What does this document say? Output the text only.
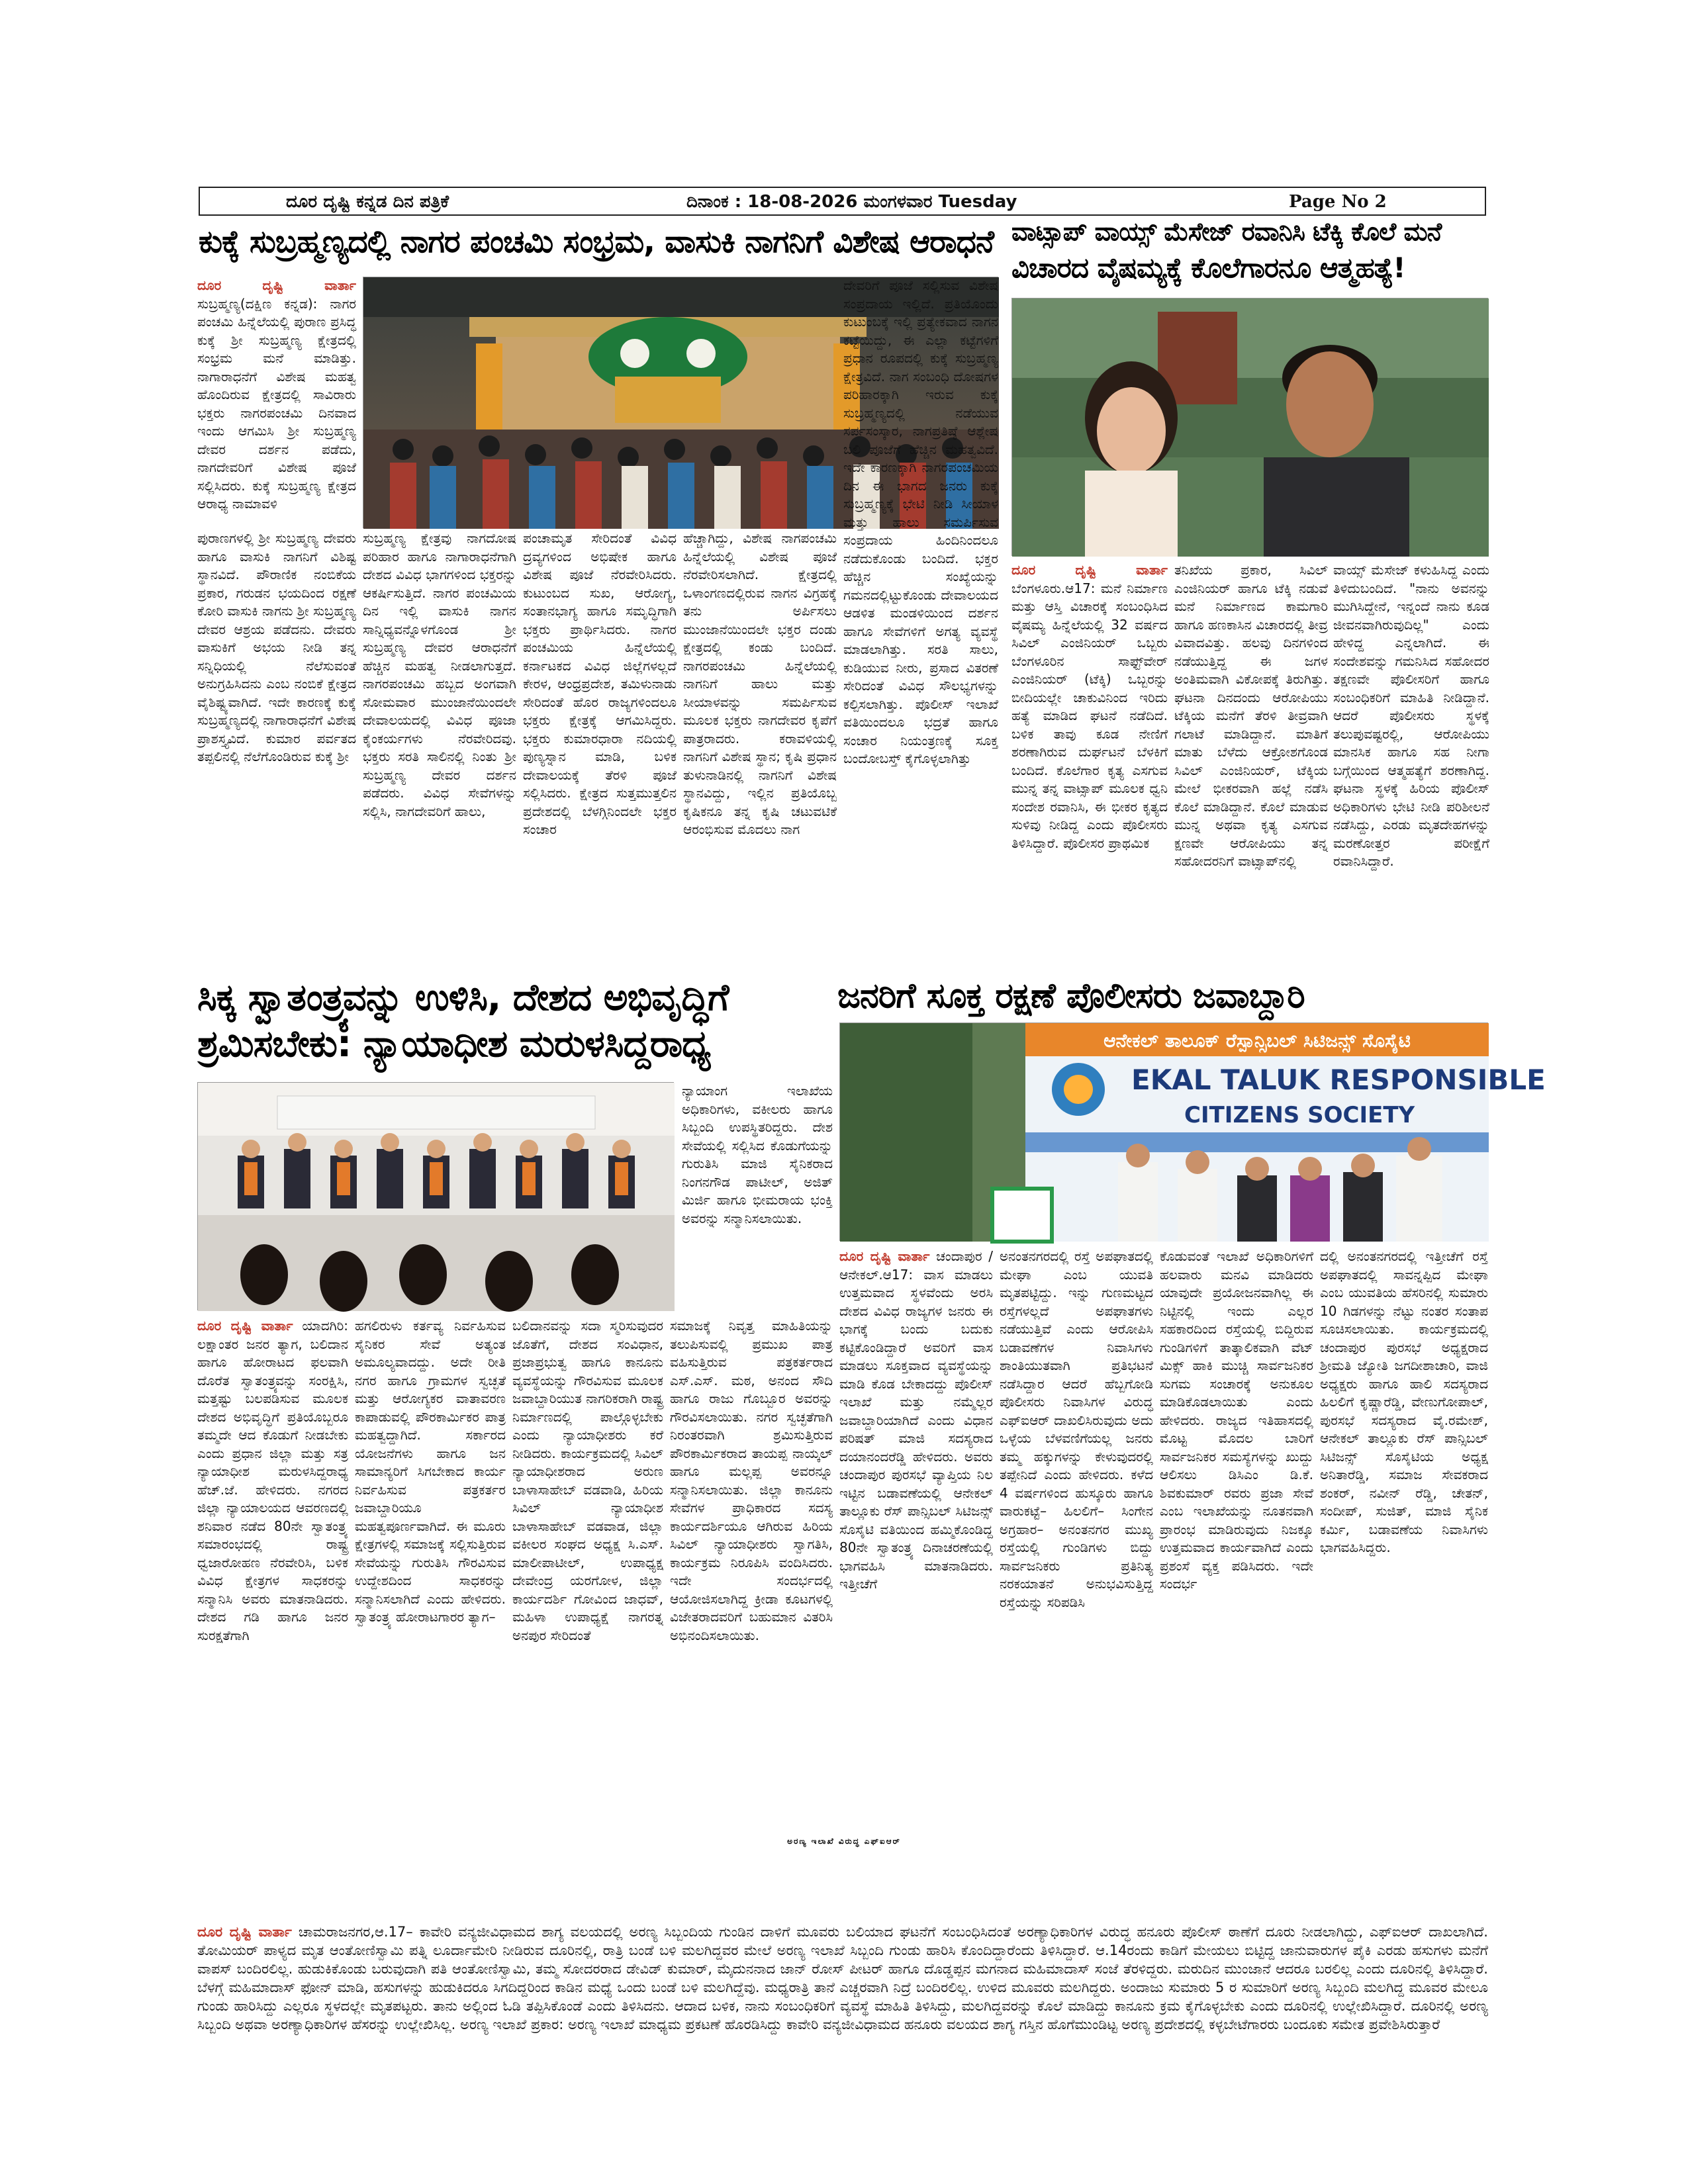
ದೂರ ದೃಷ್ಟಿ ಕನ್ನಡ ದಿನ ಪತ್ರಿಕೆ	ದಿನಾಂಕ : 18-08-2026 ಮಂಗಳವಾರ Tuesday	Page No 2
ಕುಕ್ಕೆ ಸುಬ್ರಹ್ಮಣ್ಯದಲ್ಲಿ ನಾಗರ ಪಂಚಮಿ ಸಂಭ್ರಮ, ವಾಸುಕಿ ನಾಗನಿಗೆ ವಿಶೇಷ ಆರಾಧನೆ

ದೂರ ದೃಷ್ಟಿ ವಾರ್ತಾ ಸುಬ್ರಹ್ಮಣ್ಯ(ದಕ್ಷಿಣ ಕನ್ನಡ): ನಾಗರ ಪಂಚಮಿ ಹಿನ್ನೆಲೆಯಲ್ಲಿ ಪುರಾಣ ಪ್ರಸಿದ್ಧ ಕುಕ್ಕೆ ಶ್ರೀ ಸುಬ್ರಹ್ಮಣ್ಯ ಕ್ಷೇತ್ರದಲ್ಲಿ ಸಂಭ್ರಮ ಮನೆ ಮಾಡಿತ್ತು. ನಾಗಾರಾಧನೆಗೆ ವಿಶೇಷ ಮಹತ್ವ ಹೊಂದಿರುವ ಕ್ಷೇತ್ರದಲ್ಲಿ ಸಾವಿರಾರು ಭಕ್ತರು ನಾಗರಪಂಚಮಿ ದಿನವಾದ ಇಂದು ಆಗಮಿಸಿ ಶ್ರೀ ಸುಬ್ರಹ್ಮಣ್ಯ ದೇವರ ದರ್ಶನ ಪಡೆದು, ನಾಗದೇವರಿಗೆ ವಿಶೇಷ ಪೂಜೆ ಸಲ್ಲಿಸಿದರು. ಕುಕ್ಕೆ ಸುಬ್ರಹ್ಮಣ್ಯ ಕ್ಷೇತ್ರದ ಆರಾಧ್ಯ ನಾಮಾವಳಿ

ಪುರಾಣಗಳಲ್ಲಿ ಶ್ರೀ ಸುಬ್ರಹ್ಮಣ್ಯ ದೇವರು ಹಾಗೂ ವಾಸುಕಿ ನಾಗನಿಗೆ ವಿಶಿಷ್ಟ ಸ್ಥಾನವಿದೆ. ಪೌರಾಣಿಕ ನಂಬಿಕೆಯ ಪ್ರಕಾರ, ಗರುಡನ ಭಯದಿಂದ ರಕ್ಷಣೆ ಕೋರಿ ವಾಸುಕಿ ನಾಗನು ಶ್ರೀ ಸುಬ್ರಹ್ಮಣ್ಯ ದೇವರ ಆಶ್ರಯ ಪಡೆದನು. ದೇವರು ವಾಸುಕಿಗೆ ಅಭಯ ನೀಡಿ ತನ್ನ ಸನ್ನಿಧಿಯಲ್ಲಿ ನೆಲೆಸುವಂತೆ ಅನುಗ್ರಹಿಸಿದನು ಎಂಬ ನಂಬಿಕೆ ಕ್ಷೇತ್ರದ ವೈಶಿಷ್ಟ್ಯವಾಗಿದೆ. ಇದೇ ಕಾರಣಕ್ಕೆ ಕುಕ್ಕೆ ಸುಬ್ರಹ್ಮಣ್ಯದಲ್ಲಿ ನಾಗಾರಾಧನೆಗೆ ವಿಶೇಷ ಪ್ರಾಶಸ್ತ್ಯವಿದೆ. ಕುಮಾರ ಪರ್ವತದ ತಪ್ಪಲಿನಲ್ಲಿ ನೆಲೆಗೊಂಡಿರುವ ಕುಕ್ಕೆ ಶ್ರೀ

ಸುಬ್ರಹ್ಮಣ್ಯ ಕ್ಷೇತ್ರವು ನಾಗದೋಷ ಪರಿಹಾರ ಹಾಗೂ ನಾಗಾರಾಧನೆಗಾಗಿ ದೇಶದ ವಿವಿಧ ಭಾಗಗಳಿಂದ ಭಕ್ತರನ್ನು ಆಕರ್ಷಿಸುತ್ತಿದೆ. ನಾಗರ ಪಂಚಮಿಯ ದಿನ ಇಲ್ಲಿ ವಾಸುಕಿ ನಾಗನ ಸಾನ್ನಿಧ್ಯವನ್ನೊಳಗೊಂಡ ಶ್ರೀ ಸುಬ್ರಹ್ಮಣ್ಯ ದೇವರ ಆರಾಧನೆಗೆ ಹೆಚ್ಚಿನ ಮಹತ್ವ ನೀಡಲಾಗುತ್ತದೆ. ನಾಗರಪಂಚಮಿ ಹಬ್ಬದ ಅಂಗವಾಗಿ ಸೋಮವಾರ ಮುಂಜಾನೆಯಿಂದಲೇ ದೇವಾಲಯದಲ್ಲಿ ವಿವಿಧ ಪೂಜಾ ಕೈಂಕರ್ಯಗಳು ನೆರವೇರಿದವು. ಭಕ್ತರು ಸರತಿ ಸಾಲಿನಲ್ಲಿ ನಿಂತು ಶ್ರೀ ಸುಬ್ರಹ್ಮಣ್ಯ ದೇವರ ದರ್ಶನ ಪಡೆದರು. ವಿವಿಧ ಸೇವೆಗಳನ್ನು ಸಲ್ಲಿಸಿ, ನಾಗದೇವರಿಗೆ ಹಾಲು,

ಪಂಚಾಮೃತ ಸೇರಿದಂತೆ ವಿವಿಧ ದ್ರವ್ಯಗಳಿಂದ ಅಭಿಷೇಕ ಹಾಗೂ ವಿಶೇಷ ಪೂಜೆ ನೆರವೇರಿಸಿದರು. ಕುಟುಂಬದ ಸುಖ, ಆರೋಗ್ಯ, ಸಂತಾನಭಾಗ್ಯ ಹಾಗೂ ಸಮೃದ್ಧಿಗಾಗಿ ಭಕ್ತರು ಪ್ರಾರ್ಥಿಸಿದರು. ನಾಗರ ಪಂಚಮಿಯ ಹಿನ್ನೆಲೆಯಲ್ಲಿ ಕರ್ನಾಟಕದ ವಿವಿಧ ಜಿಲ್ಲೆಗಳಲ್ಲದೆ ಕೇರಳ, ಆಂಧ್ರಪ್ರದೇಶ, ತಮಿಳುನಾಡು ಸೇರಿದಂತೆ ಹೊರ ರಾಜ್ಯಗಳಿಂದಲೂ ಭಕ್ತರು ಕ್ಷೇತ್ರಕ್ಕೆ ಆಗಮಿಸಿದ್ದರು. ಭಕ್ತರು ಕುಮಾರಧಾರಾ ನದಿಯಲ್ಲಿ ಪುಣ್ಯಸ್ನಾನ ಮಾಡಿ, ಬಳಿಕ ದೇವಾಲಯಕ್ಕೆ ತೆರಳಿ ಪೂಜೆ ಸಲ್ಲಿಸಿದರು. ಕ್ಷೇತ್ರದ ಸುತ್ತಮುತ್ತಲಿನ ಪ್ರದೇಶದಲ್ಲಿ ಬೆಳಗ್ಗಿನಿಂದಲೇ ಭಕ್ತರ ಸಂಚಾರ

ಹೆಚ್ಚಾಗಿದ್ದು, ವಿಶೇಷ ನಾಗಪಂಚಮಿ ಹಿನ್ನೆಲೆಯಲ್ಲಿ ವಿಶೇಷ ಪೂಜೆ ನೆರವೇರಿಸಲಾಗಿದೆ. ಕ್ಷೇತ್ರದಲ್ಲಿ ಒಳಾಂಗಣದಲ್ಲಿರುವ ನಾಗನ ವಿಗ್ರಹಕ್ಕೆ ತನು ಅರ್ಪಿಸಲು ಮುಂಜಾನೆಯಿಂದಲೇ ಭಕ್ತರ ದಂಡು ಕ್ಷೇತ್ರದಲ್ಲಿ ಕಂಡು ಬಂದಿದೆ. ನಾಗರಪಂಚಮಿ ಹಿನ್ನೆಲೆಯಲ್ಲಿ ನಾಗನಿಗೆ ಹಾಲು ಮತ್ತು ಸೀಯಾಳವನ್ನು ಸಮರ್ಪಿಸುವ ಮೂಲಕ ಭಕ್ತರು ನಾಗದೇವರ ಕೃಪೆಗೆ ಪಾತ್ರರಾದರು. ಕರಾವಳಿಯಲ್ಲಿ ನಾಗನಿಗೆ ವಿಶೇಷ ಸ್ಥಾನ; ಕೃಷಿ ಪ್ರಧಾನ ತುಳುನಾಡಿನಲ್ಲಿ ನಾಗನಿಗೆ ವಿಶೇಷ ಸ್ಥಾನವಿದ್ದು, ಇಲ್ಲಿನ ಪ್ರತಿಯೊಬ್ಬ ಕೃಷಿಕನೂ ತನ್ನ ಕೃಷಿ ಚಟುವಟಿಕೆ ಆರಂಭಿಸುವ ಮೊದಲು ನಾಗ

ದೇವರಿಗೆ ಪೂಜೆ ಸಲ್ಲಿಸುವ ವಿಶೇಷ ಸಂಪ್ರದಾಯ ಇಲ್ಲಿದೆ. ಪ್ರತಿಯೊಂದು ಕುಟುಂಬಕ್ಕೆ ಇಲ್ಲಿ ಪ್ರತ್ಯೇಕವಾದ ನಾಗನ ಕಟ್ಟೆಯಿದ್ದು, ಈ ಎಲ್ಲಾ ಕಟ್ಟೆಗಳಿಗೆ ಪ್ರಧಾನ ರೂಪದಲ್ಲಿ ಕುಕ್ಕೆ ಸುಬ್ರಹ್ಮಣ್ಯ ಕ್ಷೇತ್ರವಿದೆ. ನಾಗ ಸಂಬಂಧಿ ದೋಷಗಳ ಪರಿಹಾರಕ್ಕಾಗಿ ಇರುವ ಕುಕ್ಕೆ ಸುಬ್ರಹ್ಮಣ್ಯದಲ್ಲಿ ನಡೆಯುವ ಸರ್ಪಸಂಸ್ಕಾರ, ನಾಗಪ್ರತಿಷ್ಠೆ ಆಶ್ಲೇಷ ಬಲಿ ಪೂಜೆಗೆ ಹೆಚ್ಚಿನ ಮಹತ್ವವಿದೆ. ಇದೇ ಕಾರಣಕ್ಕಾಗಿ ನಾಗರಪಂಚಮಿಯ ದಿನ ಈ ಭಾಗದ ಜನರು ಕುಕ್ಕೆ ಸುಬ್ರಹ್ಮಣ್ಯಕ್ಕೆ ಭೇಟಿ ನೀಡಿ ಸೀಯಾಳ ಮತ್ತು ಹಾಲು ಸಮರ್ಪಿಸುವ ಸಂಪ್ರದಾಯ ಹಿಂದಿನಿಂದಲೂ ನಡೆದುಕೊಂಡು ಬಂದಿದೆ. ಭಕ್ತರ ಹೆಚ್ಚಿನ ಸಂಖ್ಯೆಯನ್ನು ಗಮನದಲ್ಲಿಟ್ಟುಕೊಂಡು ದೇವಾಲಯದ ಆಡಳಿತ ಮಂಡಳಿಯಿಂದ ದರ್ಶನ ಹಾಗೂ ಸೇವೆಗಳಿಗೆ ಅಗತ್ಯ ವ್ಯವಸ್ಥೆ ಮಾಡಲಾಗಿತ್ತು. ಸರತಿ ಸಾಲು, ಕುಡಿಯುವ ನೀರು, ಪ್ರಸಾದ ವಿತರಣೆ ಸೇರಿದಂತೆ ವಿವಿಧ ಸೌಲಭ್ಯಗಳನ್ನು ಕಲ್ಪಿಸಲಾಗಿತ್ತು. ಪೊಲೀಸ್ ಇಲಾಖೆ ವತಿಯಿಂದಲೂ ಭದ್ರತೆ ಹಾಗೂ ಸಂಚಾರ ನಿಯಂತ್ರಣಕ್ಕೆ ಸೂಕ್ತ ಬಂದೋಬಸ್ತ್ ಕೈಗೊಳ್ಳಲಾಗಿತ್ತು

ವಾಟ್ಸಾಪ್ ವಾಯ್ಸ್ ಮೆಸೇಜ್ ರವಾನಿಸಿ ಟೆಕ್ಕಿ ಕೊಲೆ ಮನೆ
ವಿಚಾರದ ವೈಷಮ್ಯಕ್ಕೆ ಕೊಲೆಗಾರನೂ ಆತ್ಮಹತ್ಯೆ!

ದೂರ ದೃಷ್ಟಿ ವಾರ್ತಾ ಬೆಂಗಳೂರು.ಆ17: ಮನೆ ನಿರ್ಮಾಣ ಮತ್ತು ಆಸ್ತಿ ವಿಚಾರಕ್ಕೆ ಸಂಬಂಧಿಸಿದ ವೈಷಮ್ಯ ಹಿನ್ನೆಲೆಯಲ್ಲಿ 32 ವರ್ಷದ ಸಿವಿಲ್ ಎಂಜಿನಿಯರ್ ಒಬ್ಬರು ಬೆಂಗಳೂರಿನ ಸಾಫ್ಟ್‌ವೇರ್ ಎಂಜಿನಿಯರ್ (ಟೆಕ್ಕಿ) ಒಬ್ಬರನ್ನು ಬೀದಿಯಲ್ಲೇ ಚಾಕುವಿನಿಂದ ಇರಿದು ಹತ್ಯೆ ಮಾಡಿದ ಘಟನೆ ನಡೆದಿದೆ. ಬಳಿಕ ತಾವು ಕೂಡ ನೇಣಿಗೆ ಶರಣಾಗಿರುವ ದುರ್ಘಟನೆ ಬೆಳಕಿಗೆ ಬಂದಿದೆ. ಕೊಲೆಗಾರ ಕೃತ್ಯ ಎಸಗುವ ಮುನ್ನ ತನ್ನ ವಾಟ್ಸಾಪ್ ಮೂಲಕ ಧ್ವನಿ ಸಂದೇಶ ರವಾನಿಸಿ, ಈ ಭೀಕರ ಕೃತ್ಯದ ಸುಳಿವು ನೀಡಿದ್ದ ಎಂದು ಪೊಲೀಸರು ತಿಳಿಸಿದ್ದಾರೆ. ಪೊಲೀಸರ ಪ್ರಾಥಮಿಕ

ತನಿಖೆಯ ಪ್ರಕಾರ, ಸಿವಿಲ್ ಎಂಜಿನಿಯರ್ ಹಾಗೂ ಟೆಕ್ಕಿ ನಡುವೆ ಮನೆ ನಿರ್ಮಾಣದ ಕಾಮಗಾರಿ ಹಾಗೂ ಹಣಕಾಸಿನ ವಿಚಾರದಲ್ಲಿ ತೀವ್ರ ವಿವಾದವಿತ್ತು. ಹಲವು ದಿನಗಳಿಂದ ನಡೆಯುತ್ತಿದ್ದ ಈ ಜಗಳ ಅಂತಿಮವಾಗಿ ವಿಕೋಪಕ್ಕೆ ತಿರುಗಿತ್ತು. ಘಟನಾ ದಿನದಂದು ಆರೋಪಿಯು ಟೆಕ್ಕಿಯ ಮನೆಗೆ ತೆರಳಿ ತೀವ್ರವಾಗಿ ಗಲಾಟೆ ಮಾಡಿದ್ದಾನೆ. ಮಾತಿಗೆ ಮಾತು ಬೆಳೆದು ಆಕ್ರೋಶಗೊಂಡ ಸಿವಿಲ್ ಎಂಜಿನಿಯರ್, ಟೆಕ್ಕಿಯ ಮೇಲೆ ಭೀಕರವಾಗಿ ಹಲ್ಲೆ ನಡೆಸಿ ಕೊಲೆ ಮಾಡಿದ್ದಾನೆ. ಕೊಲೆ ಮಾಡುವ ಮುನ್ನ ಅಥವಾ ಕೃತ್ಯ ಎಸಗುವ ಕ್ಷಣವೇ ಆರೋಪಿಯು ತನ್ನ ಸಹೋದರನಿಗೆ ವಾಟ್ಸಾಪ್‌ನಲ್ಲಿ

ವಾಯ್ಸ್ ಮೆಸೇಜ್ ಕಳುಹಿಸಿದ್ದ ಎಂದು ತಿಳಿದುಬಂದಿದೆ. "ನಾನು ಅವನನ್ನು ಮುಗಿಸಿದ್ದೇನೆ, ಇನ್ನಂದೆ ನಾನು ಕೂಡ ಜೀವನವಾಗಿರುವುದಿಲ್ಲ" ಎಂದು ಹೇಳಿದ್ದ ಎನ್ನಲಾಗಿದೆ. ಈ ಸಂದೇಶವನ್ನು ಗಮನಿಸಿದ ಸಹೋದರ ತಕ್ಷಣವೇ ಪೊಲೀಸರಿಗೆ ಹಾಗೂ ಸಂಬಂಧಿಕರಿಗೆ ಮಾಹಿತಿ ನೀಡಿದ್ದಾನೆ. ಆದರೆ ಪೊಲೀಸರು ಸ್ಥಳಕ್ಕೆ ತಲುಪುವಷ್ಟರಲ್ಲಿ, ಆರೋಪಿಯು ಮಾನಸಿಕ ಹಾಗೂ ಸಹ ನೀಗಾ ಬಗ್ಗೆಯಿಂದ ಆತ್ಮಹತ್ಯೆಗೆ ಶರಣಾಗಿದ್ದ. ಘಟನಾ ಸ್ಥಳಕ್ಕೆ ಹಿರಿಯ ಪೊಲೀಸ್ ಅಧಿಕಾರಿಗಳು ಭೇಟಿ ನೀಡಿ ಪರಿಶೀಲನೆ ನಡೆಸಿದ್ದು, ಎರಡು ಮೃತದೇಹಗಳನ್ನು ಮರಣೋತ್ತರ ಪರೀಕ್ಷೆಗೆ ರವಾನಿಸಿದ್ದಾರೆ.

ಸಿಕ್ಕ ಸ್ವಾತಂತ್ರ್ಯವನ್ನು ಉಳಿಸಿ, ದೇಶದ ಅಭಿವೃದ್ಧಿಗೆ
ಶ್ರಮಿಸಬೇಕು: ನ್ಯಾಯಾಧೀಶ ಮರುಳಸಿದ್ದರಾಧ್ಯ

ನ್ಯಾಯಾಂಗ ಇಲಾಖೆಯ ಅಧಿಕಾರಿಗಳು, ವಕೀಲರು ಹಾಗೂ ಸಿಬ್ಬಂದಿ ಉಪಸ್ಥಿತರಿದ್ದರು. ದೇಶ ಸೇವೆಯಲ್ಲಿ ಸಲ್ಲಿಸಿದ ಕೊಡುಗೆಯನ್ನು ಗುರುತಿಸಿ ಮಾಜಿ ಸೈನಿಕರಾದ ನಿಂಗನಗೌಡ ಪಾಟೀಲ್, ಅಜಿತ್ ಮಿರ್ಜಿ ಹಾಗೂ ಭೀಮರಾಯ ಭಂಕ್ತಿ ಅವರನ್ನು ಸನ್ಮಾನಿಸಲಾಯಿತು.

ದೂರ ದೃಷ್ಟಿ ವಾರ್ತಾ ಯಾದಗಿರಿ: ಲಕ್ಷಾಂತರ ಜನರ ತ್ಯಾಗ, ಬಲಿದಾನ ಹಾಗೂ ಹೋರಾಟದ ಫಲವಾಗಿ ದೊರೆತ ಸ್ವಾತಂತ್ರ್ಯವನ್ನು ಸಂರಕ್ಷಿಸಿ, ಮತ್ತಷ್ಟು ಬಲಪಡಿಸುವ ಮೂಲಕ ದೇಶದ ಅಭಿವೃದ್ಧಿಗೆ ಪ್ರತಿಯೊಬ್ಬರೂ ತಮ್ಮದೇ ಆದ ಕೊಡುಗೆ ನೀಡಬೇಕು ಎಂದು ಪ್ರಧಾನ ಜಿಲ್ಲಾ ಮತ್ತು ಸತ್ರ ನ್ಯಾಯಾಧೀಶ ಮರುಳಸಿದ್ದರಾಧ್ಯ ಹೆಚ್.ಜೆ. ಹೇಳಿದರು. ನಗರದ ಜಿಲ್ಲಾ ನ್ಯಾಯಾಲಯದ ಆವರಣದಲ್ಲಿ ಶನಿವಾರ ನಡೆದ 80ನೇ ಸ್ವಾತಂತ್ರ್ಯ ಸಮಾರಂಭದಲ್ಲಿ ರಾಷ್ಟ್ರ ಧ್ವಜಾರೋಹಣ ನೆರವೇರಿಸಿ, ಬಳಿಕ ವಿವಿಧ ಕ್ಷೇತ್ರಗಳ ಸಾಧಕರನ್ನು ಸನ್ಮಾನಿಸಿ ಅವರು ಮಾತನಾಡಿದರು. ದೇಶದ ಗಡಿ ಹಾಗೂ ಜನರ ಸುರಕ್ಷತೆಗಾಗಿ

ಹಗಲಿರುಳು ಕರ್ತವ್ಯ ನಿರ್ವಹಿಸುವ ಸೈನಿಕರ ಸೇವೆ ಅತ್ಯಂತ ಅಮೂಲ್ಯವಾದದ್ದು. ಅದೇ ರೀತಿ ನಗರ ಹಾಗೂ ಗ್ರಾಮಗಳ ಸ್ವಚ್ಛತೆ ಮತ್ತು ಆರೋಗ್ಯಕರ ವಾತಾವರಣ ಕಾಪಾಡುವಲ್ಲಿ ಪೌರಕಾರ್ಮಿಕರ ಪಾತ್ರ ಮಹತ್ವದ್ದಾಗಿದೆ. ಸರ್ಕಾರದ ಯೋಜನೆಗಳು ಹಾಗೂ ಜನ ಸಾಮಾನ್ಯರಿಗೆ ಸಿಗಬೇಕಾದ ಕಾರ್ಯ ನಿರ್ವಹಿಸುವ ಪತ್ರಕರ್ತರ ಜವಾಬ್ದಾರಿಯೂ ಮಹತ್ವಪೂರ್ಣವಾಗಿದೆ. ಈ ಮೂರು ಕ್ಷೇತ್ರಗಳಲ್ಲಿ ಸಮಾಜಕ್ಕೆ ಸಲ್ಲಿಸುತ್ತಿರುವ ಸೇವೆಯನ್ನು ಗುರುತಿಸಿ ಗೌರವಿಸುವ ಉದ್ದೇಶದಿಂದ ಸಾಧಕರನ್ನು ಸನ್ಮಾನಿಸಲಾಗಿದೆ ಎಂದು ಹೇಳಿದರು. ಸ್ವಾತಂತ್ರ್ಯ ಹೋರಾಟಗಾರರ ತ್ಯಾಗ–

ಬಲಿದಾನವನ್ನು ಸದಾ ಸ್ಮರಿಸುವುದರ ಜೊತೆಗೆ, ದೇಶದ ಸಂವಿಧಾನ, ಪ್ರಜಾಪ್ರಭುತ್ವ ಹಾಗೂ ಕಾನೂನು ವ್ಯವಸ್ಥೆಯನ್ನು ಗೌರವಿಸುವ ಮೂಲಕ ಜವಾಬ್ದಾರಿಯುತ ನಾಗರಿಕರಾಗಿ ರಾಷ್ಟ್ರ ನಿರ್ಮಾಣದಲ್ಲಿ ಪಾಲ್ಗೊಳ್ಳಬೇಕು ಎಂದು ನ್ಯಾಯಾಧೀಶರು ಕರೆ ನೀಡಿದರು. ಕಾರ್ಯಕ್ರಮದಲ್ಲಿ ಸಿವಿಲ್ ನ್ಯಾಯಾಧೀಶರಾದ ಅರುಣ ಬಾಳಾಸಾಹೇಬ್ ವಡವಾಡಿ, ಹಿರಿಯ ಸಿವಿಲ್ ನ್ಯಾಯಾಧೀಶ ಬಾಳಾಸಾಹೇಬ್ ವಡವಾಡ, ಜಿಲ್ಲಾ ವಕೀಲರ ಸಂಘದ ಅಧ್ಯಕ್ಷ ಸಿ.ಎಸ್. ಮಾಲೀಪಾಟೀಲ್, ಉಪಾಧ್ಯಕ್ಷ ದೇವೇಂದ್ರ ಯರಗೋಳ, ಜಿಲ್ಲಾ ಕಾರ್ಯದರ್ಶಿ ಗೋವಿಂದ ಜಾಧವ್, ಮಹಿಳಾ ಉಪಾಧ್ಯಕ್ಷೆ ನಾಗರತ್ನ ಅನಪುರ ಸೇರಿದಂತೆ

ಸಮಾಜಕ್ಕೆ ನಿವೃತ್ತ ಮಾಹಿತಿಯನ್ನು ತಲುಪಿಸುವಲ್ಲಿ ಪ್ರಮುಖ ಪಾತ್ರ ವಹಿಸುತ್ತಿರುವ ಪತ್ರಕರ್ತರಾದ ಎಸ್.ಎಸ್. ಮಠ, ಅನಂದ ಸೌದಿ ಹಾಗೂ ರಾಜು ಗೊಬ್ಬೂರ ಅವರನ್ನು ಗೌರವಿಸಲಾಯಿತು. ನಗರ ಸ್ವಚ್ಛತೆಗಾಗಿ ನಿರಂತರವಾಗಿ ಶ್ರಮಿಸುತ್ತಿರುವ ಪೌರಕಾರ್ಮಿಕರಾದ ತಾಯಪ್ಪ ನಾಯ್ಕಲ್ ಹಾಗೂ ಮಲ್ಲಪ್ಪ ಅವರನ್ನೂ ಸನ್ಮಾನಿಸಲಾಯಿತು. ಜಿಲ್ಲಾ ಕಾನೂನು ಸೇವೆಗಳ ಪ್ರಾಧಿಕಾರದ ಸದಸ್ಯ ಕಾರ್ಯದರ್ಶಿಯೂ ಆಗಿರುವ ಹಿರಿಯ ಸಿವಿಲ್ ನ್ಯಾಯಾಧೀಶರು ಸ್ವಾಗತಿಸಿ, ಕಾರ್ಯಕ್ರಮ ನಿರೂಪಿಸಿ ವಂದಿಸಿದರು. ಇದೇ ಸಂದರ್ಭದಲ್ಲಿ ಆಯೋಜಿಸಲಾಗಿದ್ದ ಕ್ರೀಡಾ ಕೂಟಗಳಲ್ಲಿ ವಿಜೇತರಾದವರಿಗೆ ಬಹುಮಾನ ವಿತರಿಸಿ ಅಭಿನಂದಿಸಲಾಯಿತು.

ಜನರಿಗೆ ಸೂಕ್ತ ರಕ್ಷಣೆ ಪೊಲೀಸರು ಜವಾಬ್ದಾರಿ
ಆನೇಕಲ್ ತಾಲೂಕ್ ರೆಸ್ಪಾನ್ಸಿಬಲ್ ಸಿಟಿಜನ್ಸ್ ಸೊಸೈಟಿ
EKAL TALUK RESPONSIBLE
CITIZENS SOCIETY

ದೂರ ದೃಷ್ಟಿ ವಾರ್ತಾ ಚಂದಾಪುರ /ಆನೇಕಲ್.ಆ17: ವಾಸ ಮಾಡಲು ಉತ್ತಮವಾದ ಸ್ಥಳವೆಂದು ಅರಸಿ ದೇಶದ ವಿವಿಧ ರಾಜ್ಯಗಳ ಜನರು ಈ ಭಾಗಕ್ಕೆ ಬಂದು ಬದುಕು ಕಟ್ಟಿಕೊಂಡಿದ್ದಾರೆ ಅವರಿಗೆ ವಾಸ ಮಾಡಲು ಸೂಕ್ತವಾದ ವ್ಯವಸ್ಥೆಯನ್ನು ಮಾಡಿ ಕೊಡ ಬೇಕಾದದ್ದು ಪೊಲೀಸ್ ಇಲಾಖೆ ಮತ್ತು ನಮ್ಮೆಲ್ಲರ ಜವಾಬ್ದಾರಿಯಾಗಿದೆ ಎಂದು ವಿಧಾನ ಪರಿಷತ್ ಮಾಜಿ ಸದಸ್ಯರಾದ ದಯಾನಂದರೆಡ್ಡಿ ಹೇಳಿದರು. ಅವರು ಚಂದಾಪುರ ಪುರಸಭೆ ವ್ಯಾಪ್ತಿಯ ನಿಲ ಇಟ್ಟಿನ ಬಡಾವಣೆಯಲ್ಲಿ ಆನೇಕಲ್ ತಾಲ್ಲೂಕು ರೆಸ್ ಪಾನ್ಸಿಬಲ್ ಸಿಟಿಜನ್ಸ್ ಸೊಸೈಟಿ ವತಿಯಿಂದ ಹಮ್ಮಿಕೊಂಡಿದ್ದ 80ನೇ ಸ್ವಾತಂತ್ರ್ಯ ದಿನಾಚರಣೆಯಲ್ಲಿ ಭಾಗವಹಿಸಿ ಮಾತನಾಡಿದರು. ಇತ್ತೀಚೆಗೆ

ಅನಂತನಗರದಲ್ಲಿ ರಸ್ತೆ ಅಪಘಾತದಲ್ಲಿ ಮೇಘಾ ಎಂಬ ಯುವತಿ ಮೃತಪಟ್ಟಿದ್ದು. ಇನ್ನು ಗುಣಮಟ್ಟದ ರಸ್ತೆಗಳಲ್ಲದೆ ಅಪಘಾತಗಳು ನಡೆಯುತ್ತಿವೆ ಎಂದು ಆರೋಪಿಸಿ ಬಡಾವಣೆಗಳ ನಿವಾಸಿಗಳು ಶಾಂತಿಯುತವಾಗಿ ಪ್ರತಿಭಟನೆ ನಡೆಸಿದ್ದಾರ ಆದರೆ ಹೆಬ್ಬಗೋಡಿ ಪೊಲೀಸರು ನಿವಾಸಿಗಳ ವಿರುದ್ಧ ಎಫ್‌ಐಆರ್ ದಾಖಲಿಸಿರುವುದು ಅದು ಒಳ್ಳೆಯ ಬೆಳವಣಿಗೆಯಲ್ಲ ಜನರು ತಮ್ಮ ಹಕ್ಕುಗಳನ್ನು ಕೇಳುವುದರಲ್ಲಿ ತಪ್ಪೇನಿದೆ ಎಂದು ಹೇಳಿದರು. ಕಳೆದ 4 ವರ್ಷಗಳಿಂದ ಹುಸ್ಕೂರು ಹಾಗೂ ವಾರುಕಟ್ಟೆ– ಹಿಲಲಿಗೆ– ಸಿಂಗೇನ ಅಗ್ರಹಾರ– ಅನಂತನಗರ ಮುಖ್ಯ ರಸ್ತೆಯಲ್ಲಿ ಗುಂಡಿಗಳು ಬಿದ್ದು ಸಾರ್ವಜನಿಕರು ಪ್ರತಿನಿತ್ಯ ನರಕಯಾತನೆ ಅನುಭವಿಸುತ್ತಿದ್ದ ರಸ್ತೆಯನ್ನು ಸರಿಪಡಿಸಿ

ಕೊಡುವಂತೆ ಇಲಾಖೆ ಅಧಿಕಾರಿಗಳಿಗೆ ಹಲವಾರು ಮನವಿ ಮಾಡಿದರು ಯಾವುದೇ ಪ್ರಯೋಜನವಾಗಿಲ್ಲ ಈ ನಿಟ್ಟಿನಲ್ಲಿ ಇಂದು ಎಲ್ಲರ ಸಹಕಾರದಿಂದ ರಸ್ತೆಯಲ್ಲಿ ಬಿದ್ದಿರುವ ಗುಂಡಿಗಳಿಗೆ ತಾತ್ಕಾಲಿಕವಾಗಿ ವೆಟ್ ಮಿಕ್ಸ್ ಹಾಕಿ ಮುಚ್ಚಿ ಸಾರ್ವಜನಿಕರ ಸುಗಮ ಸಂಚಾರಕ್ಕೆ ಅನುಕೂಲ ಮಾಡಿಕೊಡಲಾಯಿತು ಎಂದು ಹೇಳಿದರು. ರಾಜ್ಯದ ಇತಿಹಾಸದಲ್ಲಿ ಮೊಟ್ಟ ಮೊದಲ ಬಾರಿಗೆ ಸಾರ್ವಜನಿಕರ ಸಮಸ್ಯೆಗಳನ್ನು ಖುದ್ದು ಆಲಿಸಲು ಡಿಸಿಎಂ ಡಿ.ಕೆ. ಶಿವಕುಮಾರ್ ರವರು ಪ್ರಜಾ ಸೇವೆ ಎಂಬ ಇಲಾಖೆಯನ್ನು ನೂತನವಾಗಿ ಪ್ರಾರಂಭ ಮಾಡಿರುವುದು ನಿಜಕ್ಕೂ ಉತ್ತಮವಾದ ಕಾರ್ಯವಾಗಿದೆ ಎಂದು ಪ್ರಶಂಸೆ ವ್ಯಕ್ತ ಪಡಿಸಿದರು. ಇದೇ ಸಂದರ್ಭ

ದಲ್ಲಿ ಅನಂತನಗರದಲ್ಲಿ ಇತ್ತೀಚೆಗೆ ರಸ್ತೆ ಅಪಘಾತದಲ್ಲಿ ಸಾವನ್ನಪ್ಪಿದ ಮೇಘಾ ಎಂಬ ಯುವತಿಯ ಹೆಸರಿನಲ್ಲಿ ಸುಮಾರು 10 ಗಿಡಗಳನ್ನು ನೆಟ್ಟು ನಂತರ ಸಂತಾಪ ಸೂಚಿಸಲಾಯಿತು. ಕಾರ್ಯಕ್ರಮದಲ್ಲಿ ಚಂದಾಪುರ ಪುರಸಭೆ ಅಧ್ಯಕ್ಷರಾದ ಶ್ರೀಮತಿ ಜ್ಯೋತಿ ಜಗದೀಶಾಚಾರಿ, ವಾಜಿ ಅಧ್ಯಕ್ಷರು ಹಾಗೂ ಹಾಲಿ ಸದಸ್ಯರಾದ ಹಿಲಲಿಗೆ ಕೃಷ್ಣಾರೆಡ್ಡಿ, ವೇಣುಗೋಪಾಲ್, ಪುರಸಭೆ ಸದಸ್ಯರಾದ ವೈ.ರಮೇಶ್, ಆನೇಕಲ್ ತಾಲ್ಲೂಕು ರೆಸ್ ಪಾನ್ಸಿಬಲ್ ಸಿಟಿಜನ್ಸ್ ಸೊಸೈಟಿಯ ಅಧ್ಯಕ್ಷ ಅನಿತಾರೆಡ್ಡಿ, ಸಮಾಜ ಸೇವಕರಾದ ಶಂಕರ್, ನವೀನ್ ರೆಡ್ಡಿ, ಚೇತನ್, ಸಂದೀಪ್, ಸುಜಿತ್, ಮಾಜಿ ಸೈನಿಕ ಕರ್ಮಿ, ಬಡಾವಣೆಯ ನಿವಾಸಿಗಳು ಭಾಗವಹಿಸಿದ್ದರು.

ಅರಣ್ಯ ಇಲಾಖೆ ವಿರುದ್ಧ ಎಫ್ಐಆರ್

ದೂರ ದೃಷ್ಟಿ ವಾರ್ತಾ ಚಾಮರಾಜನಗರ,ಆ.17– ಕಾವೇರಿ ವನ್ಯಜೀವಿಧಾಮದ ಶಾಗ್ಯ ವಲಯದಲ್ಲಿ ಅರಣ್ಯ ಸಿಬ್ಬಂದಿಯ ಗುಂಡಿನ ದಾಳಿಗೆ ಮೂವರು ಬಲಿಯಾದ ಘಟನೆಗೆ ಸಂಬಂಧಿಸಿದಂತೆ ಅರಣ್ಯಾಧಿಕಾರಿಗಳ ವಿರುದ್ಧ ಹನೂರು ಪೊಲೀಸ್ ಠಾಣೆಗೆ ದೂರು ನೀಡಲಾಗಿದ್ದು, ಎಫ್‌ಐಆರ್ ದಾಖಲಾಗಿದೆ. ತೋಮಿಯರ್ ಪಾಳ್ಯದ ಮೃತ ಆಂತೋಣಿಸ್ವಾಮಿ ಪತ್ನಿ ಲೂರ್ದಾಮೇರಿ ನೀಡಿರುವ ದೂರಿನಲ್ಲಿ, ರಾತ್ರಿ ಬಂಡೆ ಬಳಿ ಮಲಗಿದ್ದವರ ಮೇಲೆ ಅರಣ್ಯ ಇಲಾಖೆ ಸಿಬ್ಬಂದಿ ಗುಂಡು ಹಾರಿಸಿ ಕೊಂದಿದ್ದಾರೆಂದು ತಿಳಿಸಿದ್ದಾರೆ. ಆ.14ರಂದು ಕಾಡಿಗೆ ಮೇಯಲು ಬಿಟ್ಟಿದ್ದ ಜಾನುವಾರುಗಳ ಪೈಕಿ ಎರಡು ಹಸುಗಳು ಮನೆಗೆ ವಾಪಸ್ ಬಂದಿರಲಿಲ್ಲ. ಹುಡುಕಿಕೊಂಡು ಬರುವುದಾಗಿ ಪತಿ ಆಂತೋಣಿಸ್ವಾಮಿ, ತಮ್ಮ ಸೋದರರಾದ ಡೇವಿಡ್ ಕುಮಾರ್, ಮೈದುನನಾದ ಜಾನ್ ರೋಸ್ ಪೀಟರ್ ಹಾಗೂ ದೊಡ್ಡಪ್ಪನ ಮಗನಾದ ಮಹಿಮಾದಾಸ್ ಸಂಜೆ ತೆರಳಿದ್ದರು. ಮರುದಿನ ಮುಂಜಾನೆ ಆದರೂ ಬರಲಿಲ್ಲ ಎಂದು ದೂರಿನಲ್ಲಿ ತಿಳಿಸಿದ್ದಾರೆ. ಬೆಳಗ್ಗೆ ಮಹಿಮಾದಾಸ್ ಫೋನ್ ಮಾಡಿ, ಹಸುಗಳನ್ನು ಹುಡುಕಿದರೂ ಸಿಗದಿದ್ದರಿಂದ ಕಾಡಿನ ಮಧ್ಯೆ ಒಂದು ಬಂಡೆ ಬಳಿ ಮಲಗಿದ್ದೆವು. ಮಧ್ಯರಾತ್ರಿ ತಾನೆ ಎಚ್ಚರವಾಗಿ ನಿದ್ರೆ ಬಂದಿರಲಿಲ್ಲ. ಉಳಿದ ಮೂವರು ಮಲಗಿದ್ದರು. ಅಂದಾಜು ಸುಮಾರು 5 ರ ಸುಮಾರಿಗೆ ಅರಣ್ಯ ಸಿಬ್ಬಂದಿ ಮಲಗಿದ್ದ ಮೂವರ ಮೇಲೂ ಗುಂಡು ಹಾರಿಸಿದ್ದು ಎಲ್ಲರೂ ಸ್ಥಳದಲ್ಲೇ ಮೃತಪಟ್ಟರು. ತಾನು ಅಲ್ಲಿಂದ ಓಡಿ ತಪ್ಪಿಸಿಕೊಂಡೆ ಎಂದು ತಿಳಿಸಿದನು. ಆದಾದ ಬಳಿಕ, ನಾನು ಸಂಬಂಧಿಕರಿಗೆ ವ್ಯವಸ್ಥೆ ಮಾಹಿತಿ ತಿಳಿಸಿದ್ದು, ಮಲಗಿದ್ದವರನ್ನು ಕೊಲೆ ಮಾಡಿದ್ದು ಕಾನೂನು ಕ್ರಮ ಕೈಗೊಳ್ಳಬೇಕು ಎಂದು ದೂರಿನಲ್ಲಿ ಉಲ್ಲೇಖಿಸಿದ್ದಾರೆ. ದೂರಿನಲ್ಲಿ ಅರಣ್ಯ ಸಿಬ್ಬಂದಿ ಅಥವಾ ಅರಣ್ಯಾಧಿಕಾರಿಗಳ ಹೆಸರನ್ನು ಉಲ್ಲೇಖಿಸಿಲ್ಲ. ಅರಣ್ಯ ಇಲಾಖೆ ಪ್ರಕಾರ: ಅರಣ್ಯ ಇಲಾಖೆ ಮಾಧ್ಯಮ ಪ್ರಕಟಣೆ ಹೊರಡಿಸಿದ್ದು ಕಾವೇರಿ ವನ್ಯಜೀವಿಧಾಮದ ಹನೂರು ವಲಯದ ಶಾಗ್ಯ ಗಸ್ತಿನ ಹೊಗೆಮುಂಡಿಟ್ಟ ಅರಣ್ಯ ಪ್ರದೇಶದಲ್ಲಿ ಕಳ್ಳಬೇಟೆಗಾರರು ಬಂದೂಕು ಸಮೇತ ಪ್ರವೇಶಿಸಿರುತ್ತಾರೆ
